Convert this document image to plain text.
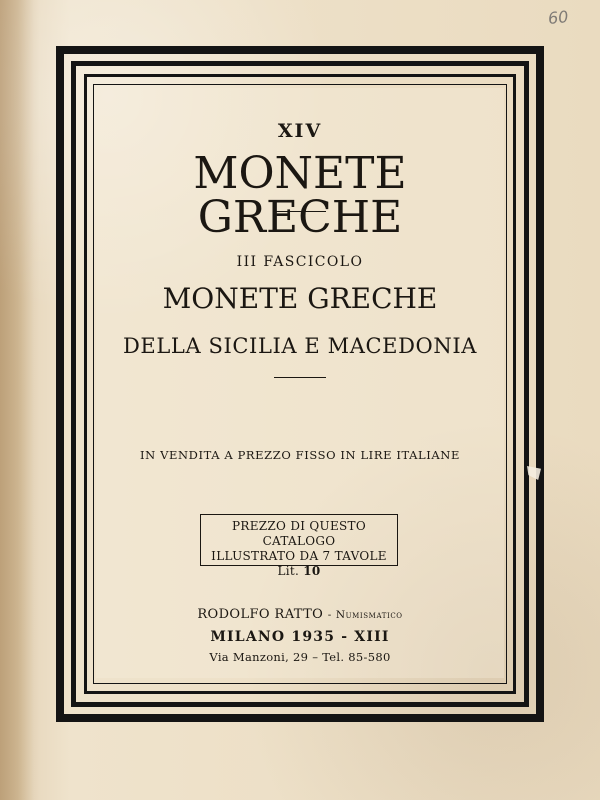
60
XIV
MONETE GRECHE
III FASCICOLO
MONETE GRECHE
DELLA SICILIA E MACEDONIA
IN VENDITA A PREZZO FISSO IN LIRE ITALIANE
PREZZO DI QUESTO CATALOGO
ILLUSTRATO DA 7 TAVOLE
Lit. 10
RODOLFO RATTO - Numismatico
MILANO 1935 - XIII
Via Manzoni, 29 – Tel. 85-580
